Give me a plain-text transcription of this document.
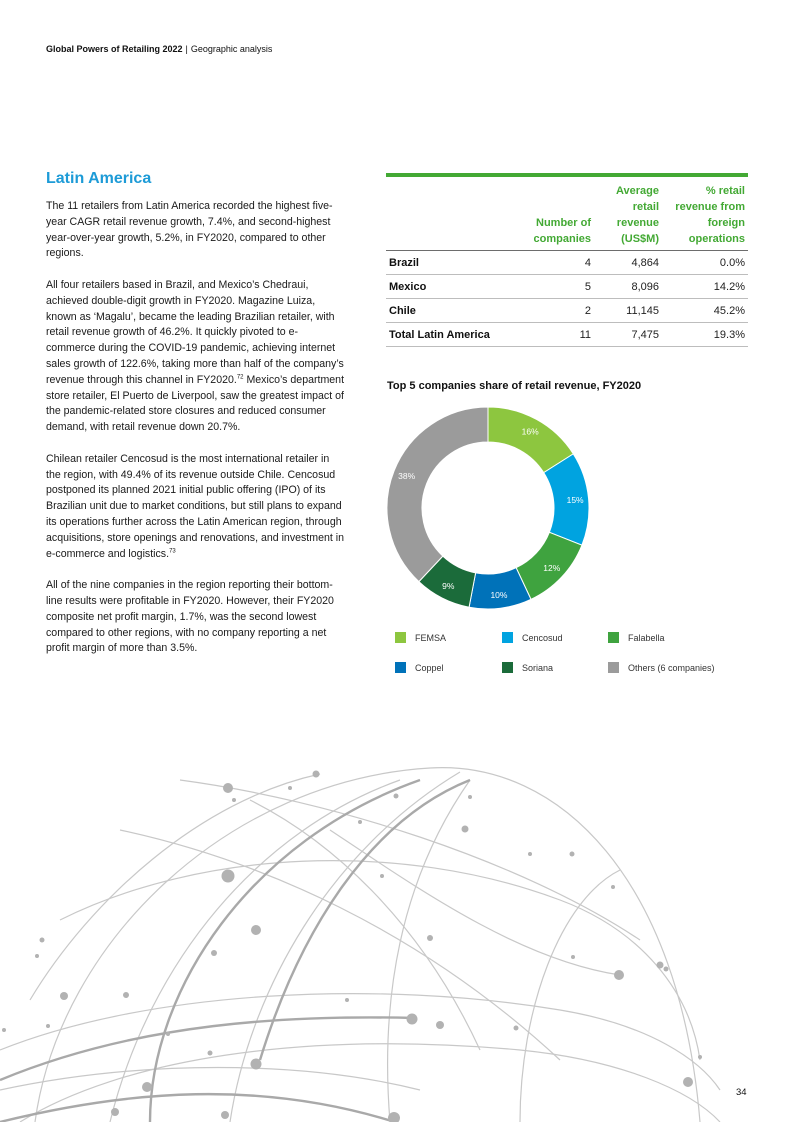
Global Powers of Retailing 2022 | Geographic analysis
Latin America

The 11 retailers from Latin America recorded the highest five-year CAGR retail revenue growth, 7.4%, and second-highest year-over-year growth, 5.2%, in FY2020, compared to other regions.

All four retailers based in Brazil, and Mexico’s Chedraui, achieved double-digit growth in FY2020. Magazine Luiza, known as ‘Magalu’, became the leading Brazilian retailer, with retail revenue growth of 46.2%. It quickly pivoted to e-commerce during the COVID-19 pandemic, achieving internet sales growth of 122.6%, taking more than half of the company’s revenue through this channel in FY2020.72 Mexico’s department store retailer, El Puerto de Liverpool, saw the greatest impact of the pandemic-related store closures and reduced consumer demand, with retail revenue down 20.7%.

Chilean retailer Cencosud is the most international retailer in the region, with 49.4% of its revenue outside Chile. Cencosud postponed its planned 2021 initial public offering (IPO) of its Brazilian unit due to market conditions, but still plans to expand its operations further across the Latin American region, through acquisitions, store openings and renovations, and investment in e-commerce and logistics.$^{73}$

All of the nine companies in the region reporting their bottom-line results were profitable in FY2020. However, their FY2020 composite net profit margin, 1.7%, was the second lowest compared to other regions, with no company reporting a net profit margin of more than 3.5%.

	Number of companies	Average retail revenue (US$M)	% retail revenue from foreign operations
Brazil	4	4,864	0.0%
Mexico	5	8,096	14.2%
Chile	2	11,145	45.2%
Total Latin America	11	7,475	19.3%
Top 5 companies share of retail revenue, FY2020
16%
15%
12%
10%
9%
38%
FEMSA	Cencosud	Falabella
Coppel	Soriana	Others (6 companies)
34
